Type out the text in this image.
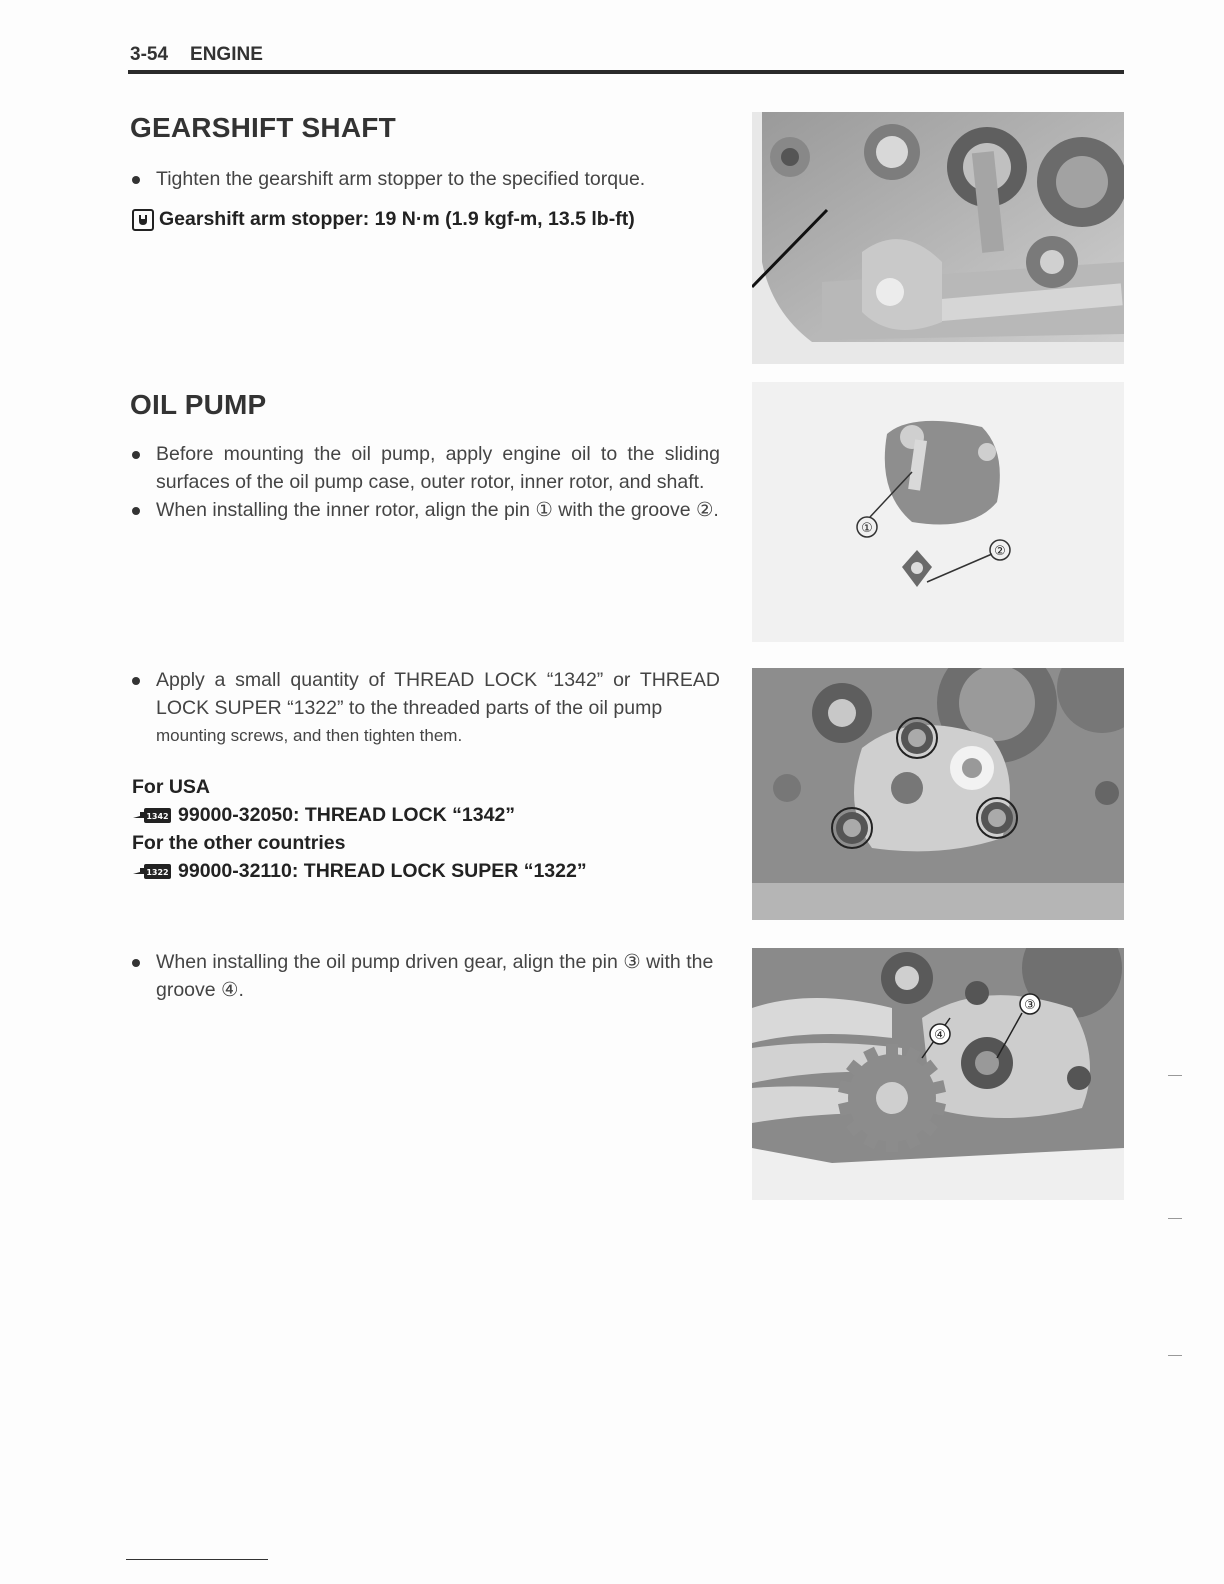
3-54 ENGINE
GEARSHIFT SHAFT

Tighten the gearshift arm stopper to the specified torque.

Gearshift arm stopper: 19 N·m (1.9 kgf-m, 13.5 lb-ft)
OIL PUMP

Before mounting the oil pump, apply engine oil to the sliding surfaces of the oil pump case, outer rotor, inner rotor, and shaft.

When installing the inner rotor, align the pin ① with the groove ②.

①
②

Apply a small quantity of THREAD LOCK “1342” or THREAD LOCK SUPER “1322” to the threaded parts of the oil pump

mounting screws, and then tighten them.

For USA
1342 99000-32050: THREAD LOCK “1342”
For the other countries
1322 99000-32110: THREAD LOCK SUPER “1322”

When installing the oil pump driven gear, align the pin ③ with the groove ④.

④
③
